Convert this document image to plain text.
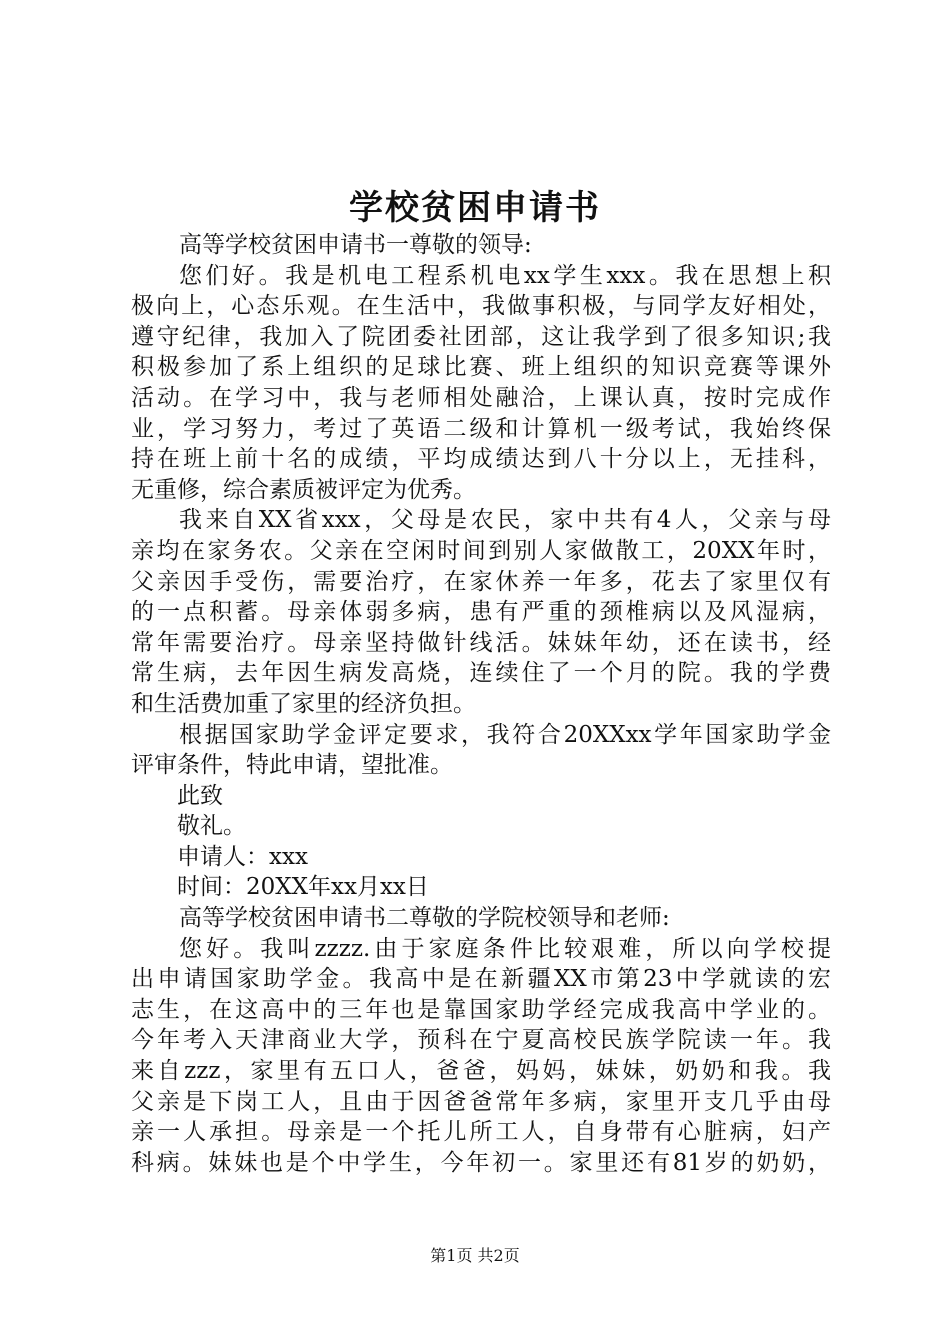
学校贫困申请书
高等学校贫困申请书一尊敬的领导:
您们好。我是机电工程系机电xx学生xxx。我在思想上积
极向上，心态乐观。在生活中，我做事积极，与同学友好相处，
遵守纪律，我加入了院团委社团部，这让我学到了很多知识;我
积极参加了系上组织的足球比赛、班上组织的知识竞赛等课外
活动。在学习中，我与老师相处融洽，上课认真，按时完成作
业，学习努力，考过了英语二级和计算机一级考试，我始终保
持在班上前十名的成绩，平均成绩达到八十分以上，无挂科，
无重修，综合素质被评定为优秀。
我来自XX省xxx，父母是农民，家中共有4人，父亲与母
亲均在家务农。父亲在空闲时间到别人家做散工，20XX年时，
父亲因手受伤，需要治疗，在家休养一年多，花去了家里仅有
的一点积蓄。母亲体弱多病，患有严重的颈椎病以及风湿病，
常年需要治疗。母亲坚持做针线活。妹妹年幼，还在读书，经
常生病，去年因生病发高烧，连续住了一个月的院。我的学费
和生活费加重了家里的经济负担。
根据国家助学金评定要求，我符合20XXxx学年国家助学金
评审条件，特此申请，望批准。
此致
敬礼。
申请人：xxx
时间：20XX年xx月xx日
高等学校贫困申请书二尊敬的学院校领导和老师:
您好。我叫zzzz.由于家庭条件比较艰难，所以向学校提
出申请国家助学金。我高中是在新疆XX市第23中学就读的宏
志生，在这高中的三年也是靠国家助学经完成我高中学业的。
今年考入天津商业大学，预科在宁夏高校民族学院读一年。我
来自zzz，家里有五口人，爸爸，妈妈，妹妹，奶奶和我。我
父亲是下岗工人，且由于因爸爸常年多病，家里开支几乎由母
亲一人承担。母亲是一个托儿所工人，自身带有心脏病，妇产
科病。妹妹也是个中学生，今年初一。家里还有81岁的奶奶，
第1页 共2页
